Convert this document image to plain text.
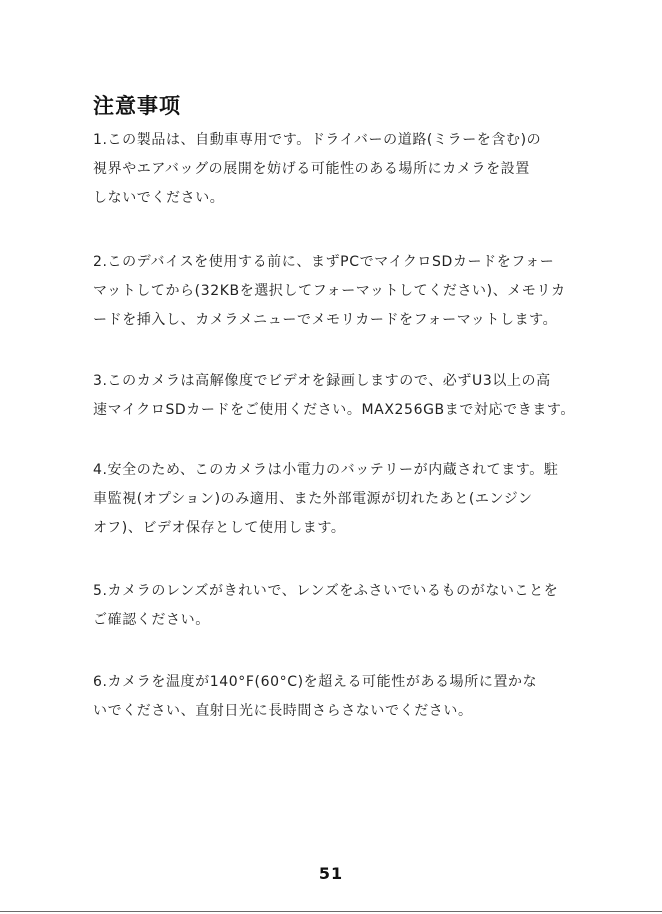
注意事项
1.この製品は、自動車専用です。ドライバーの道路(ミラーを含む)の
視界やエアバッグの展開を妨げる可能性のある場所にカメラを設置
しないでください。
2.このデバイスを使用する前に、まずPCでマイクロSDカードをフォー
マットしてから(32KBを選択してフォーマットしてください)、メモリカ
ードを挿入し、カメラメニューでメモリカードをフォーマットします。
3.このカメラは高解像度でビデオを録画しますので、必ずU3以上の高
速マイクロSDカードをご使用ください。MAX256GBまで対応できます。
4.安全のため、このカメラは小電力のバッテリーが内蔵されてます。駐
車監視(オプション)のみ適用、また外部電源が切れたあと(エンジン
オフ)、ビデオ保存として使用します。
5.カメラのレンズがきれいで、レンズをふさいでいるものがないことを
ご確認ください。
6.カメラを温度が140°F(60°C)を超える可能性がある場所に置かな
いでください、直射日光に長時間さらさないでください。
51
